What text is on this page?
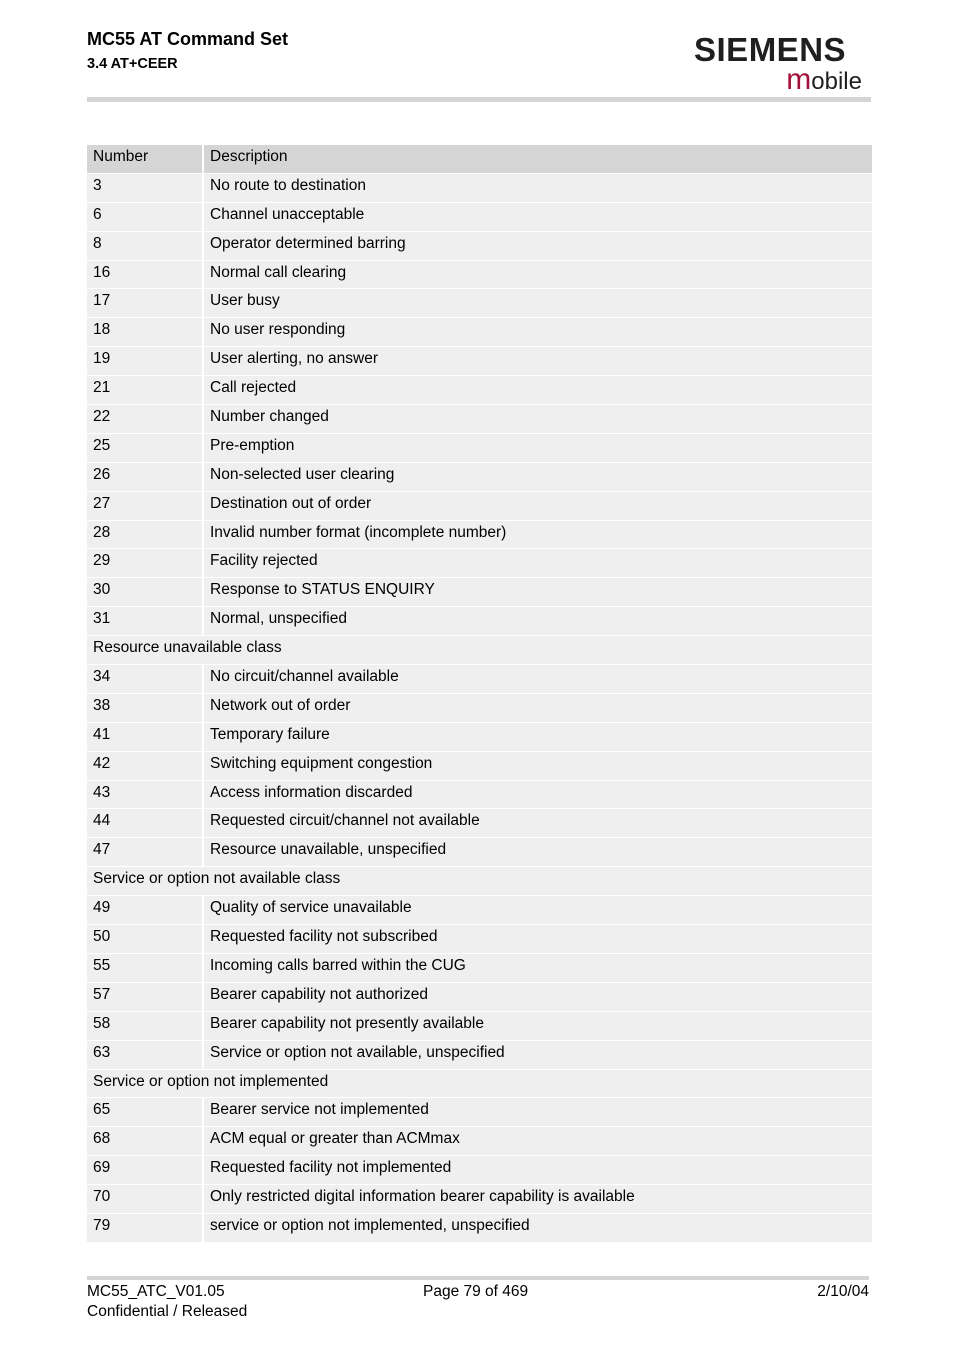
MC55 AT Command Set
3.4 AT+CEER	SIEMENS
mobile
Number	Description
3	No route to destination
6	Channel unacceptable
8	Operator determined barring
16	Normal call clearing
17	User busy
18	No user responding
19	User alerting, no answer
21	Call rejected
22	Number changed
25	Pre-emption
26	Non-selected user clearing
27	Destination out of order
28	Invalid number format (incomplete number)
29	Facility rejected
30	Response to STATUS ENQUIRY
31	Normal, unspecified
Resource unavailable class
34	No circuit/channel available
38	Network out of order
41	Temporary failure
42	Switching equipment congestion
43	Access information discarded
44	Requested circuit/channel not available
47	Resource unavailable, unspecified
Service or option not available class
49	Quality of service unavailable
50	Requested facility not subscribed
55	Incoming calls barred within the CUG
57	Bearer capability not authorized
58	Bearer capability not presently available
63	Service or option not available, unspecified
Service or option not implemented
65	Bearer service not implemented
68	ACM equal or greater than ACMmax
69	Requested facility not implemented
70	Only restricted digital information bearer capability is available
79	service or option not implemented, unspecified
MC55_ATC_V01.05
Confidential / Released
Page 79 of 469	2/10/04
